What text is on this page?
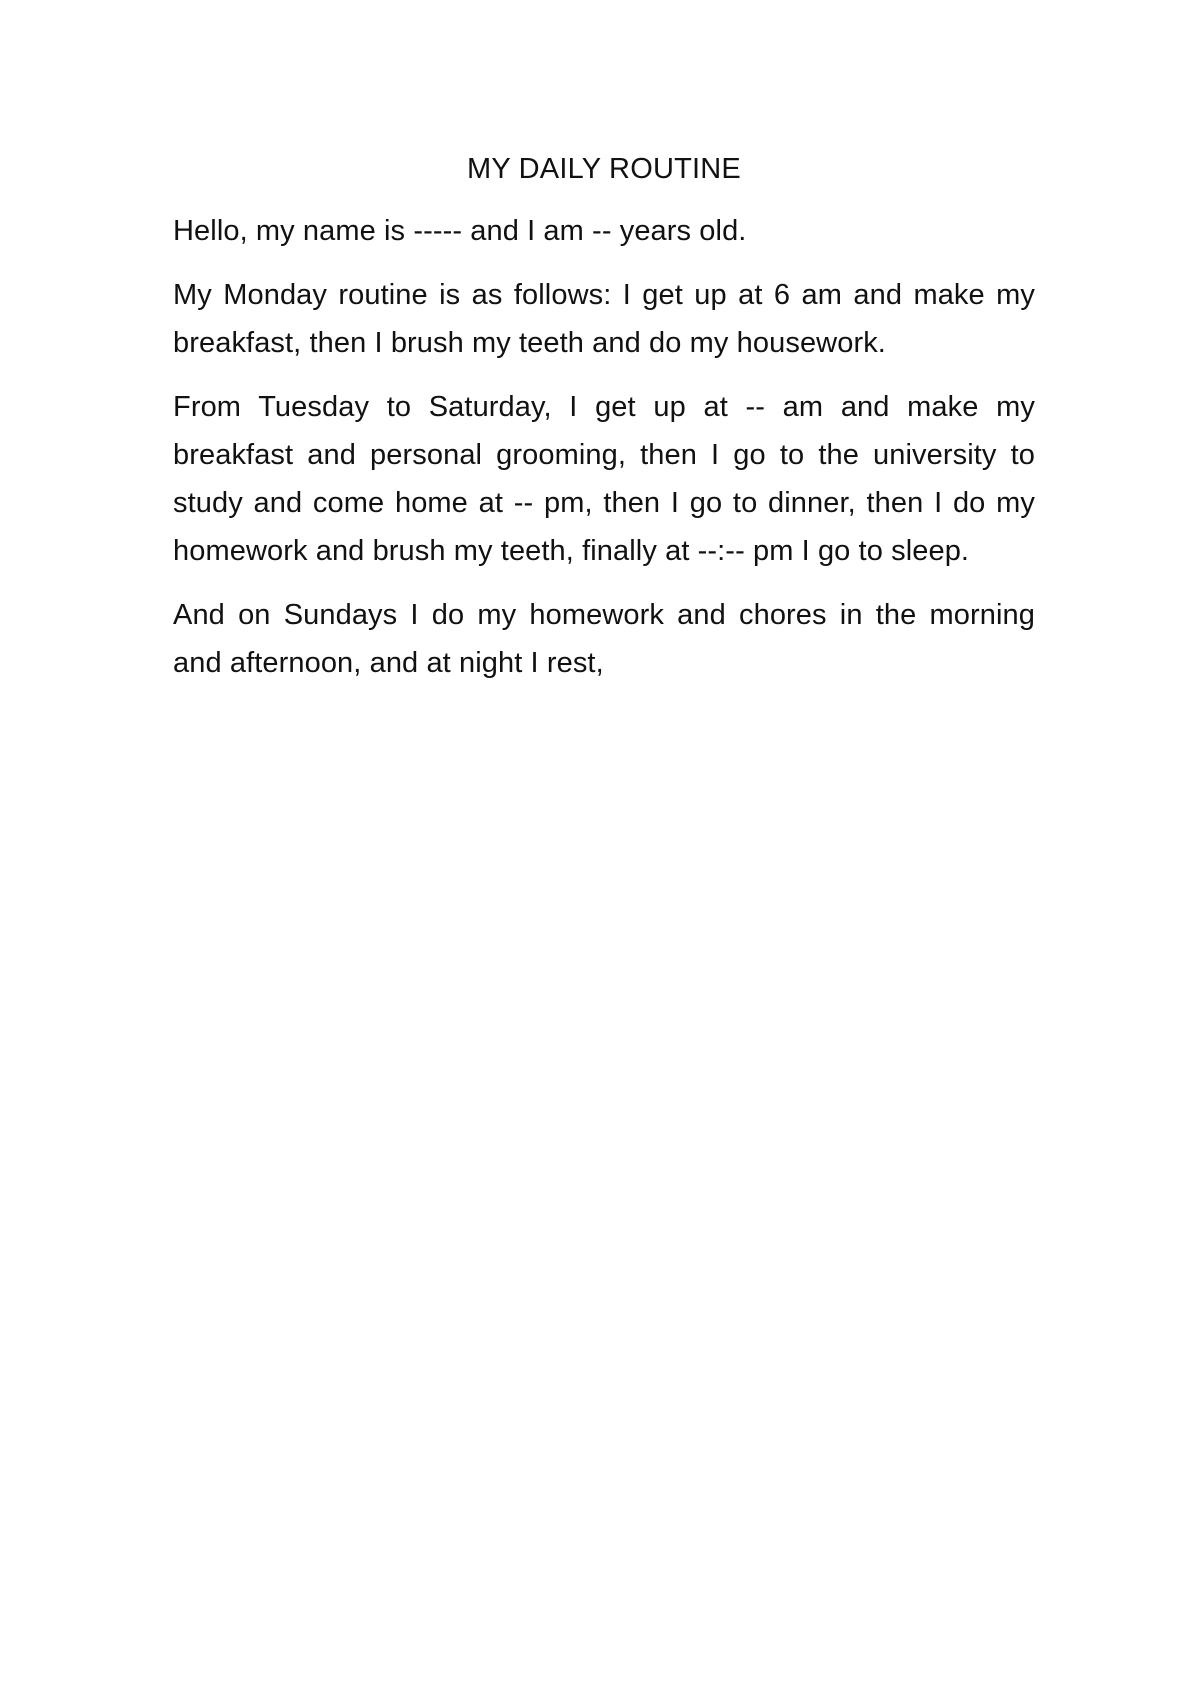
MY DAILY ROUTINE

Hello, my name is ----- and I am -- years old.

My Monday routine is as follows: I get up at 6 am and make my breakfast, then I brush my teeth and do my housework.

From Tuesday to Saturday, I get up at -- am and make my breakfast and personal grooming, then I go to the university to study and come home at -- pm, then I go to dinner, then I do my homework and brush my teeth, finally at --:-- pm I go to sleep.

And on Sundays I do my homework and chores in the morning and afternoon, and at night I rest,
